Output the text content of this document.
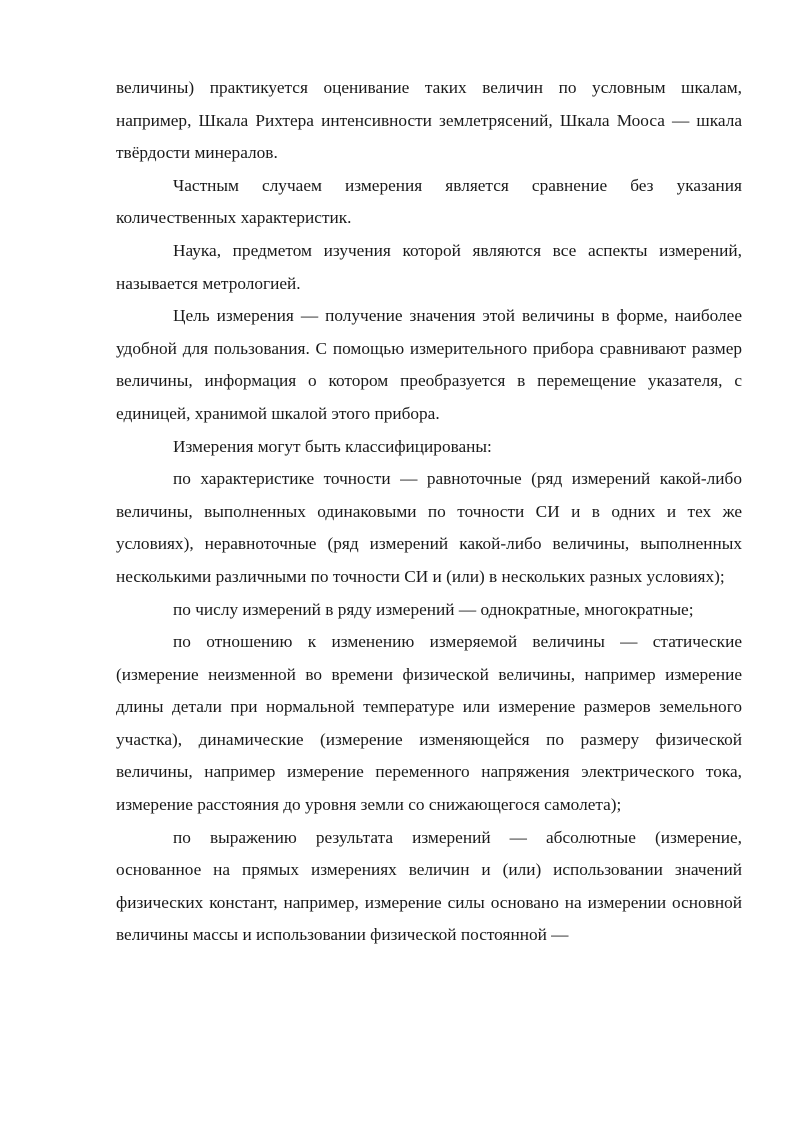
величины) практикуется оценивание таких величин по условным шкалам, например, Шкала Рихтера интенсивности землетрясений, Шкала Мооса — шкала твёрдости минералов.

Частным случаем измерения является сравнение без указания количественных характеристик.

Наука, предметом изучения которой являются все аспекты измерений, называется метрологией.

Цель измерения — получение значения этой величины в форме, наиболее удобной для пользования. С помощью измерительного прибора сравнивают размер величины, информация о котором преобразуется в перемещение указателя, с единицей, хранимой шкалой этого прибора.

Измерения могут быть классифицированы:

по характеристике точности — равноточные (ряд измерений какой-либо величины, выполненных одинаковыми по точности СИ и в одних и тех же условиях), неравноточные (ряд измерений какой-либо величины, выполненных несколькими различными по точности СИ и (или) в нескольких разных условиях);

по числу измерений в ряду измерений — однократные, многократные;

по отношению к изменению измеряемой величины — статические (измерение неизменной во времени физической величины, например измерение длины детали при нормальной температуре или измерение размеров земельного участка), динамические (измерение изменяющейся по размеру физической величины, например измерение переменного напряжения электрического тока, измерение расстояния до уровня земли со снижающегося самолета);

по выражению результата измерений — абсолютные (измерение, основанное на прямых измерениях величин и (или) использовании значений физических констант, например, измерение силы основано на измерении основной величины массы и использовании физической постоянной —
